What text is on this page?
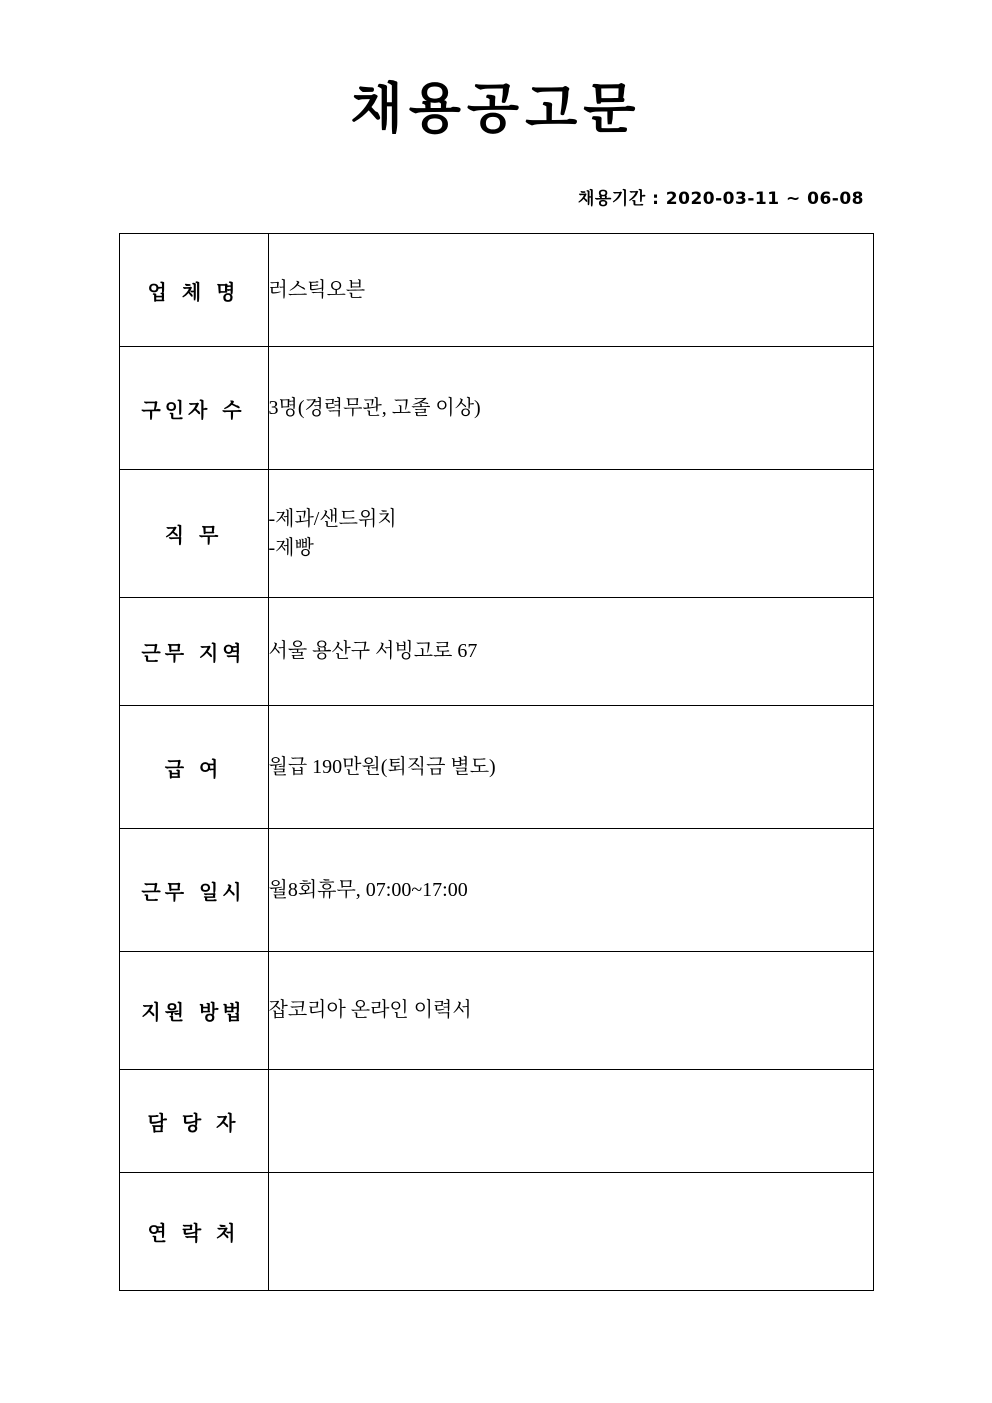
채용공고문
채용기간 : 2020-03-11 ~ 06-08
업 체 명	러스틱오븐

구인자 수	3명(경력무관, 고졸 이상)

직 무	-제과/샌드위치
-제빵

근무 지역	서울 용산구 서빙고로 67

급 여	월급 190만원(퇴직금 별도)

근무 일시	월8회휴무, 07:00~17:00

지원 방법	잡코리아 온라인 이력서

담 당 자	

연 락 처	
